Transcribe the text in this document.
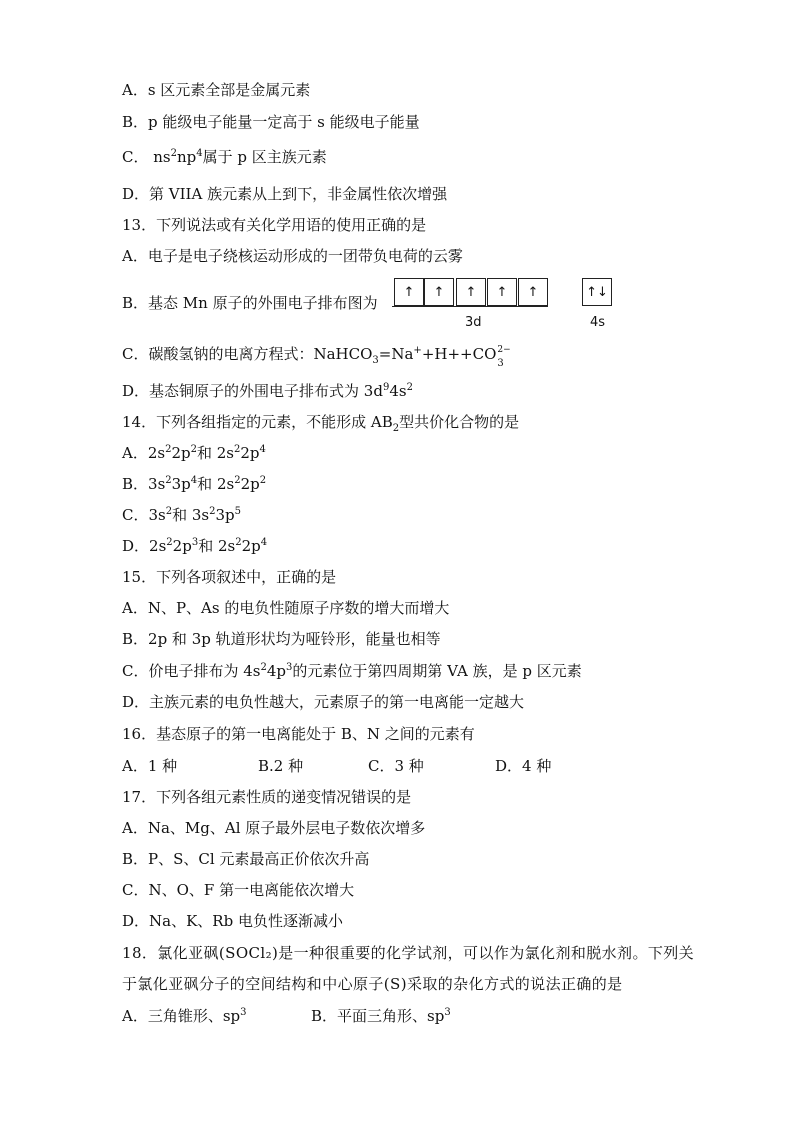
A．s 区元素全部是金属元素
B．p 能级电子能量一定高于 s 能级电子能量
C． $ns^2np^4$属于 p 区主族元素
D．第 VIIA 族元素从上到下，非金属性依次增强
13．下列说法或有关化学用语的使用正确的是
A．电子是电子绕核运动形成的一团带负电荷的云雾
B．基态 Mn 原子的外围电子排布图为
↑	↑	↑	↑	↑	↑↓
3d	4s
C．碳酸氢钠的电离方程式：NaHCO$_3$=Na++H++CO 2−
3
D．基态铜原子的外围电子排布式为 $3d^94s^2$
14．下列各组指定的元素，不能形成 $AB_2$型共价化合物的是
A．$2s^22p^2$和 $2s^22p^4$
B．$3s^23p^4$和 $2s^22p^2$
C．$3s^2$和 $3s^23p^5$
D．$2s^22p^3$和 $2s^22p^4$
15．下列各项叙述中，正确的是
A．N、P、As 的电负性随原子序数的增大而增大
B．2p 和 3p 轨道形状均为哑铃形，能量也相等
C．价电子排布为 $4s^24p^3$的元素位于第四周期第 VA 族，是 p 区元素
D．主族元素的电负性越大，元素原子的第一电离能一定越大
16．基态原子的第一电离能处于 B、N 之间的元素有
A．1 种	B.2 种	C．3 种	D．4 种
17．下列各组元素性质的递变情况错误的是
A．Na、Mg、Al 原子最外层电子数依次增多
B．P、S、Cl 元素最高正价依次升高
C．N、O、F 第一电离能依次增大
D．Na、K、Rb 电负性逐渐减小
18．氯化亚砜(SOCl₂)是一种很重要的化学试剂，可以作为氯化剂和脱水剂。下列关
于氯化亚砜分子的空间结构和中心原子(S)采取的杂化方式的说法正确的是
A．三角锥形、$sp^3$	B．平面三角形、$sp^3$
